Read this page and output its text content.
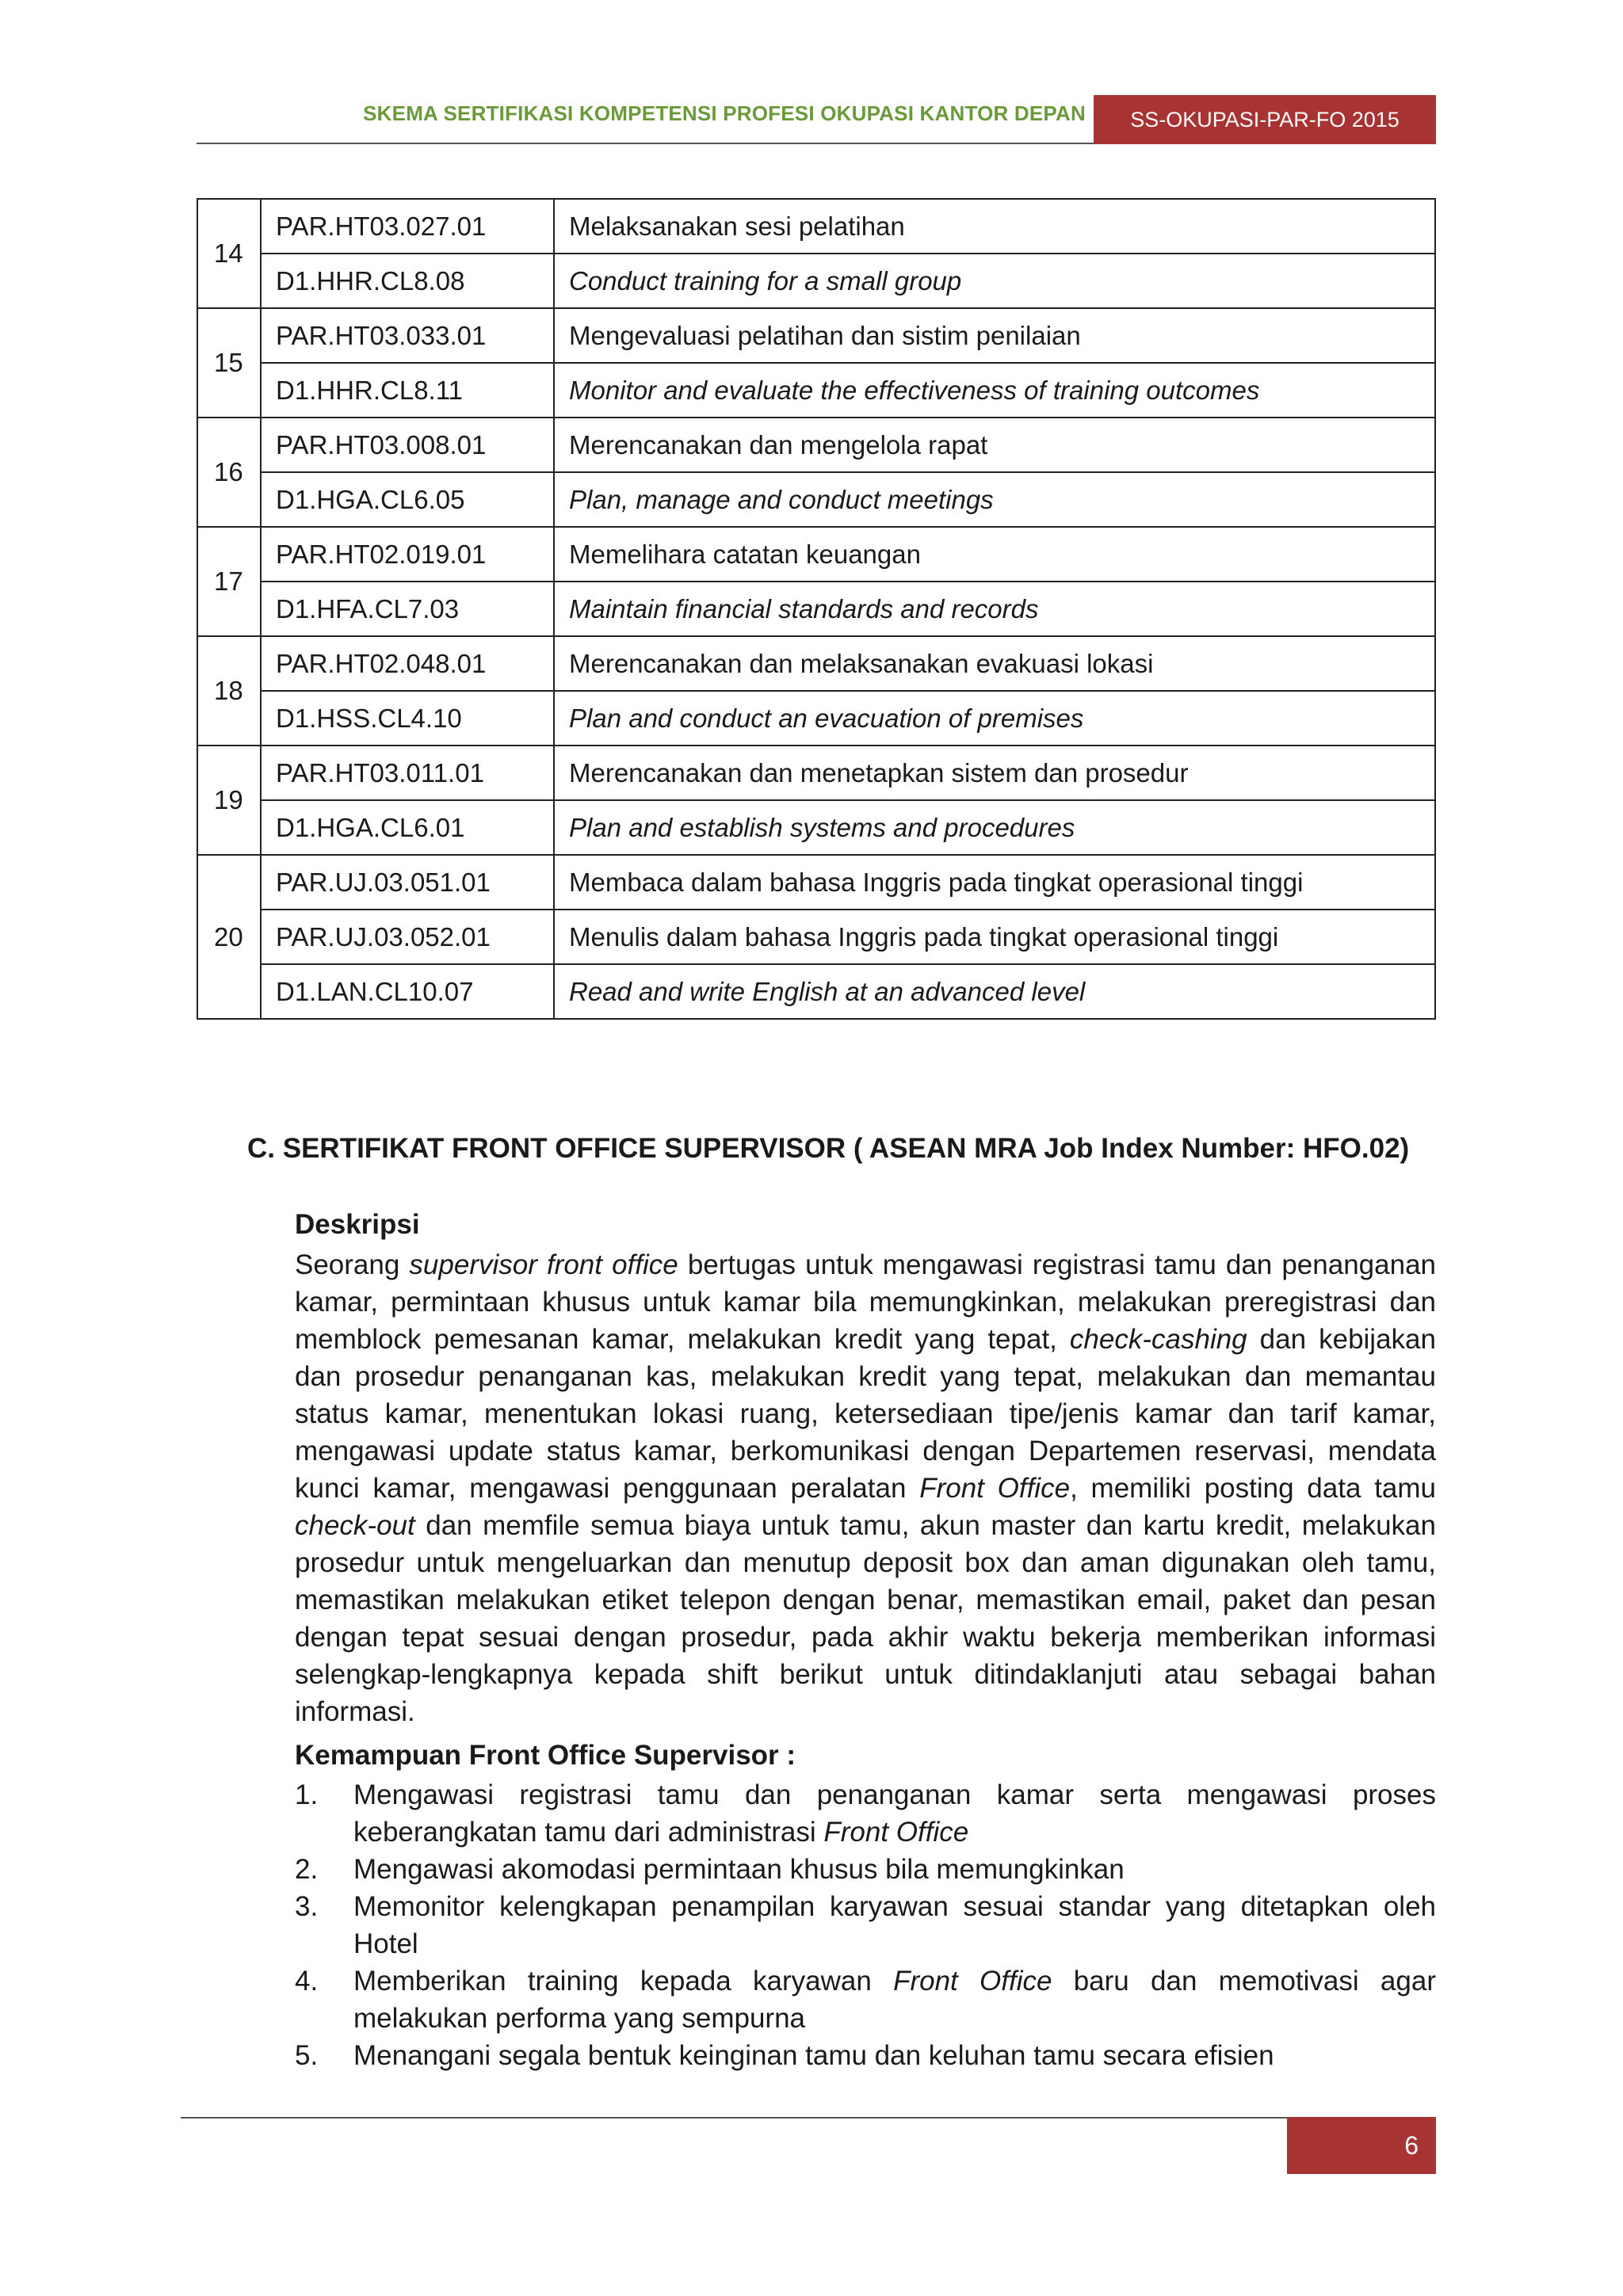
SKEMA SERTIFIKASI KOMPETENSI PROFESI OKUPASI KANTOR DEPAN	SS-OKUPASI-PAR-FO 2015
14	PAR.HT03.027.01	Melaksanakan sesi pelatihan
	D1.HHR.CL8.08	Conduct training for a small group
15	PAR.HT03.033.01	Mengevaluasi pelatihan dan sistim penilaian
	D1.HHR.CL8.11	Monitor and evaluate the effectiveness of training outcomes
16	PAR.HT03.008.01	Merencanakan dan mengelola rapat
	D1.HGA.CL6.05	Plan, manage and conduct meetings
17	PAR.HT02.019.01	Memelihara catatan keuangan
	D1.HFA.CL7.03	Maintain financial standards and records
18	PAR.HT02.048.01	Merencanakan dan melaksanakan evakuasi lokasi
	D1.HSS.CL4.10	Plan and conduct an evacuation of premises
19	PAR.HT03.011.01	Merencanakan dan menetapkan sistem dan prosedur
	D1.HGA.CL6.01	Plan and establish systems and procedures
20	PAR.UJ.03.051.01	Membaca dalam bahasa Inggris pada tingkat operasional tinggi
	PAR.UJ.03.052.01	Menulis dalam bahasa Inggris pada tingkat operasional tinggi
	D1.LAN.CL10.07	Read and write English at an advanced level
C. SERTIFIKAT FRONT OFFICE SUPERVISOR ( ASEAN MRA Job Index Number: HFO.02)
Deskripsi

Seorang supervisor front office bertugas untuk mengawasi registrasi tamu dan penanganan kamar, permintaan khusus untuk kamar bila memungkinkan, melakukan preregistrasi dan memblock pemesanan kamar, melakukan kredit yang tepat, check-cashing dan kebijakan dan prosedur penanganan kas, melakukan kredit yang tepat, melakukan dan memantau status kamar, menentukan lokasi ruang, ketersediaan tipe/jenis kamar dan tarif kamar, mengawasi update status kamar, berkomunikasi dengan Departemen reservasi, mendata kunci kamar, mengawasi penggunaan peralatan Front Office, memiliki posting data tamu check-out dan memfile semua biaya untuk tamu, akun master dan kartu kredit, melakukan prosedur untuk mengeluarkan dan menutup deposit box dan aman digunakan oleh tamu, memastikan melakukan etiket telepon dengan benar, memastikan email, paket dan pesan dengan tepat sesuai dengan prosedur, pada akhir waktu bekerja memberikan informasi selengkap-lengkapnya kepada shift berikut untuk ditindaklanjuti atau sebagai bahan informasi.

Kemampuan Front Office Supervisor :
1. Mengawasi registrasi tamu dan penanganan kamar serta mengawasi proses keberangkatan tamu dari administrasi Front Office
2. Mengawasi akomodasi permintaan khusus bila memungkinkan
3. Memonitor kelengkapan penampilan karyawan sesuai standar yang ditetapkan oleh Hotel
4. Memberikan training kepada karyawan Front Office baru dan memotivasi agar melakukan performa yang sempurna
5. Menangani segala bentuk keinginan tamu dan keluhan tamu secara efisien
6
